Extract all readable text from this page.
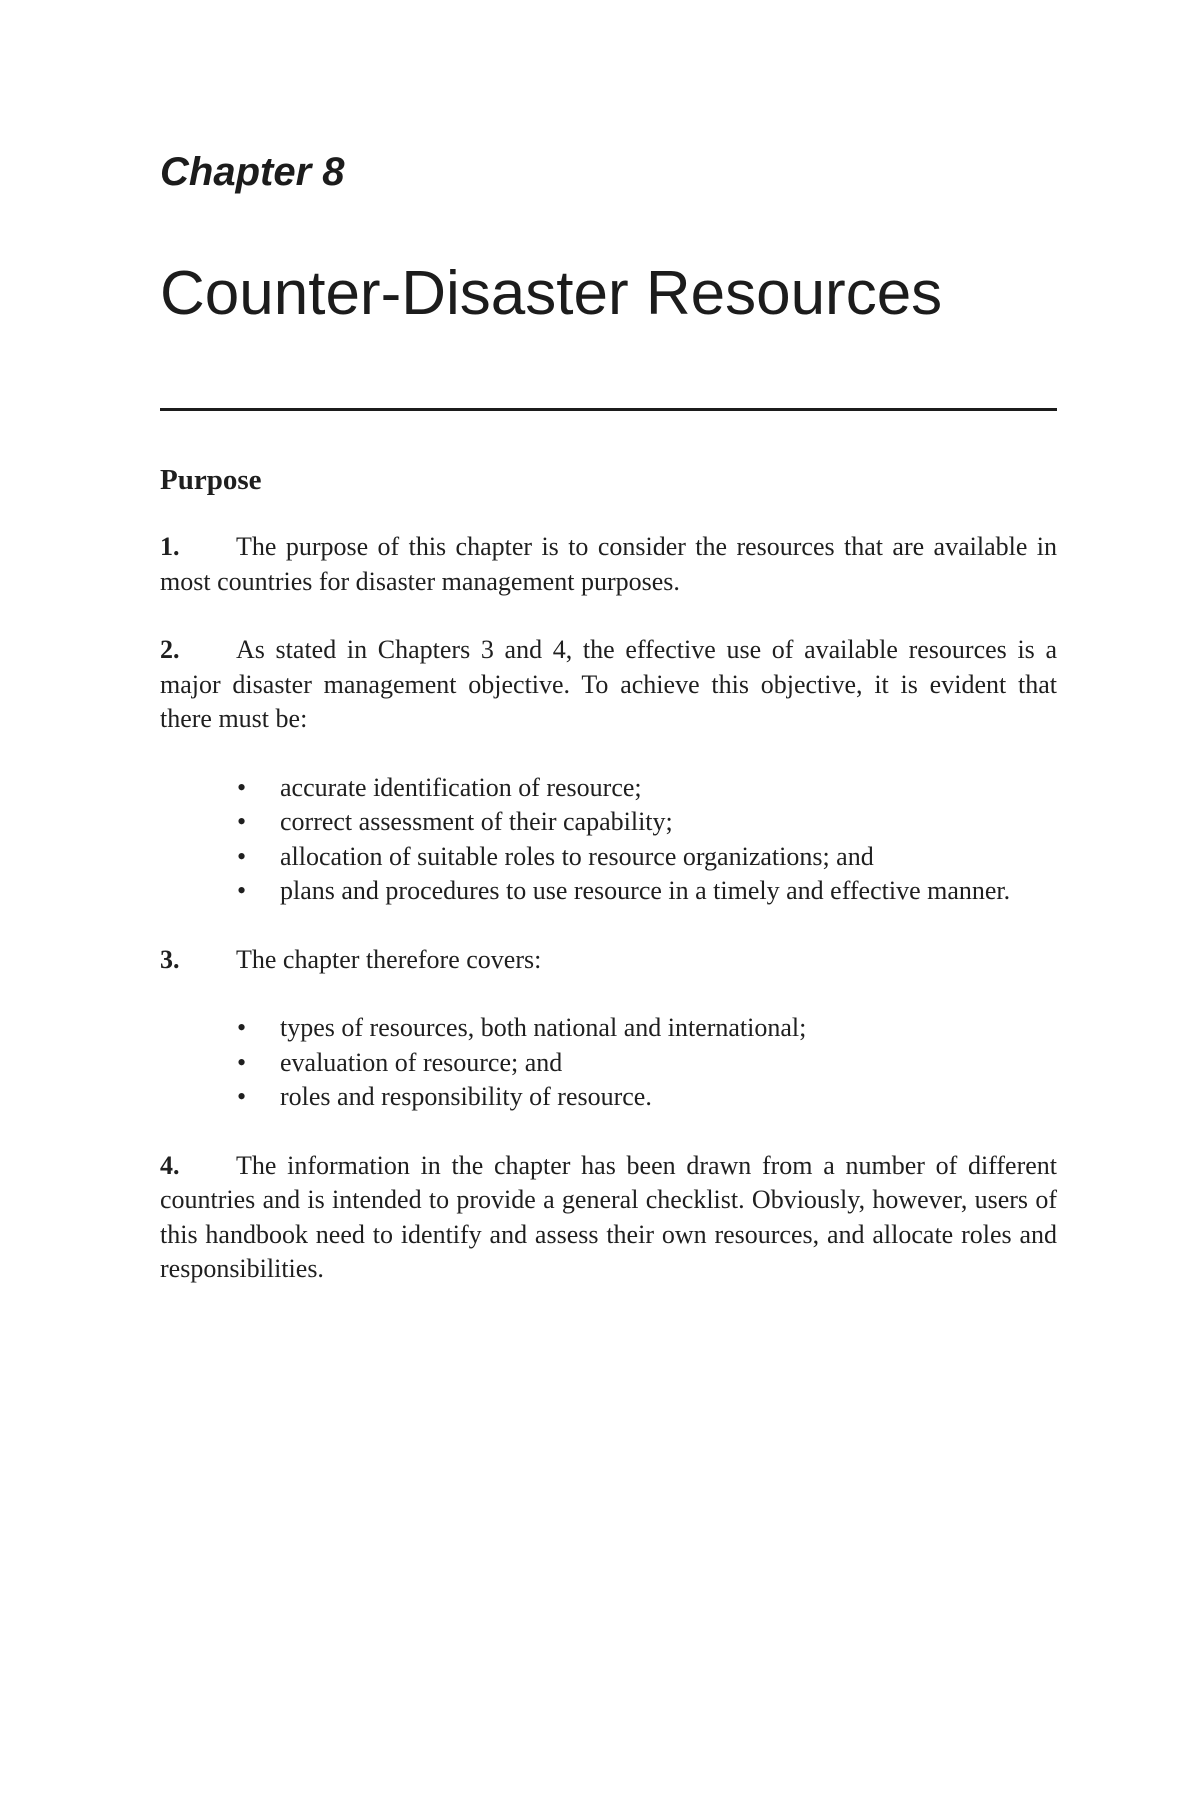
Chapter 8
Counter-Disaster Resources
Purpose

1. The purpose of this chapter is to consider the resources that are available in most countries for disaster management purposes.

2. As stated in Chapters 3 and 4, the effective use of available resources is a major disaster management objective. To achieve this objective, it is evident that there must be:

• accurate identification of resource;
• correct assessment of their capability;
• allocation of suitable roles to resource organizations; and
• plans and procedures to use resource in a timely and effective manner.

3. The chapter therefore covers:

• types of resources, both national and international;
• evaluation of resource; and
• roles and responsibility of resource.

4. The information in the chapter has been drawn from a number of different countries and is intended to provide a general checklist. Obviously, however, users of this handbook need to identify and assess their own resources, and allocate roles and responsibilities.
